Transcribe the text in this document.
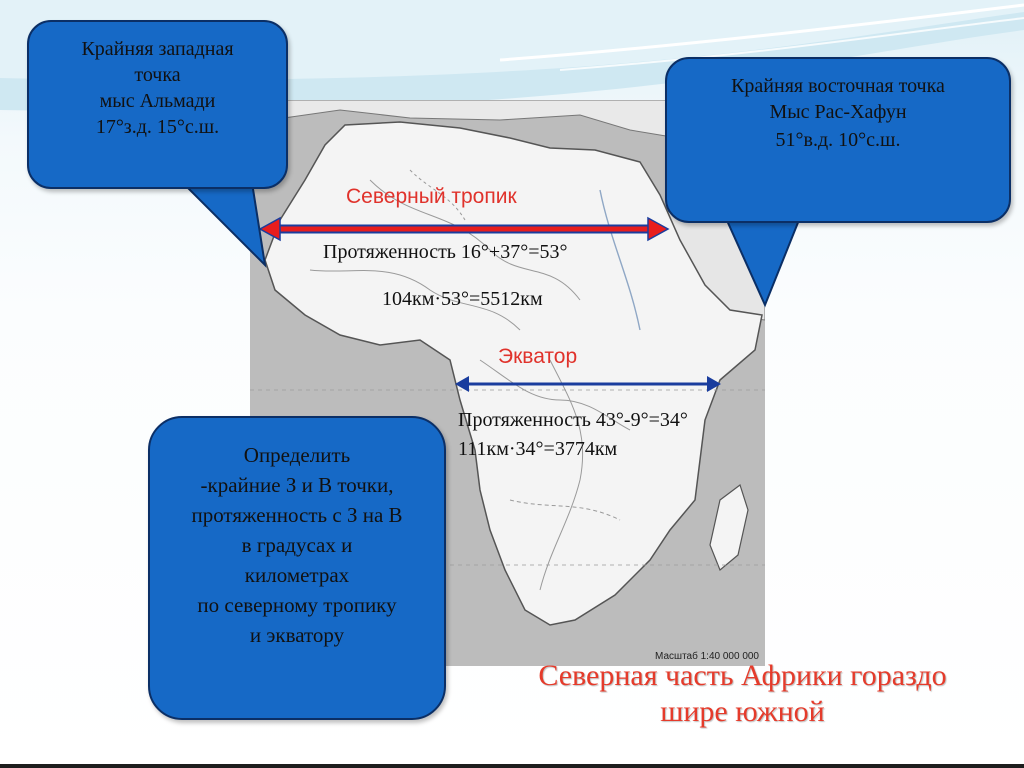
Масштаб 1:40 000 000
Крайняя западная
точка
мыс Альмади
17°з.д. 15°с.ш.
Крайняя восточная точка
Мыс Рас-Хафун
51°в.д. 10°с.ш.
Северный тропик
Протяженность 16°+37°=53°
104км·53°=5512км
Экватор
Протяженность 43°-9°=34°
111км·34°=3774км
Определить
-крайние З и В точки,
протяженность с З на В
в градусах и
километрах
по северному тропику
и экватору
Северная часть Африки гораздо
шире южной
